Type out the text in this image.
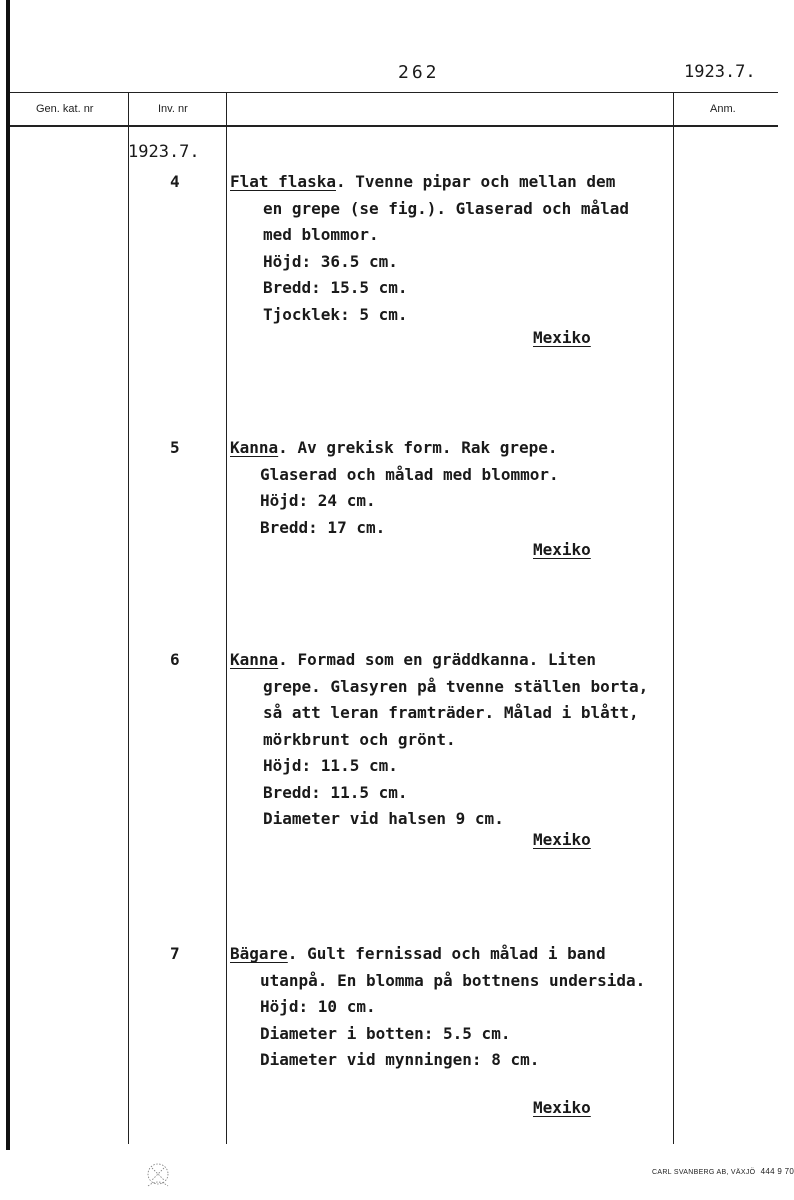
262	1923.7.
Gen. kat. nr	Inv. nr	Anm.
1923.7.
4	Flat flaska. Tvenne pipar och mellan dem
en grepe (se fig.). Glaserad och målad
med blommor.
Höjd: 36.5 cm.
Bredd: 15.5 cm.
Tjocklek: 5 cm.
Mexiko
5	Kanna. Av grekisk form. Rak grepe.
Glaserad och målad med blommor.
Höjd: 24 cm.
Bredd: 17 cm.
Mexiko
6	Kanna. Formad som en gräddkanna. Liten
grepe. Glasyren på tvenne ställen borta,
så att leran framträder. Målad i blått,
mörkbrunt och grönt.
Höjd: 11.5 cm.
Bredd: 11.5 cm.
Diameter vid halsen 9 cm.
Mexiko
7	Bägare. Gult fernissad och målad i band
utanpå. En blomma på bottnens undersida.
Höjd: 10 cm.
Diameter i botten: 5.5 cm.
Diameter vid mynningen: 8 cm.
Mexiko
CARL SVANBERG AB, VÄXJÖ 444 9 70
